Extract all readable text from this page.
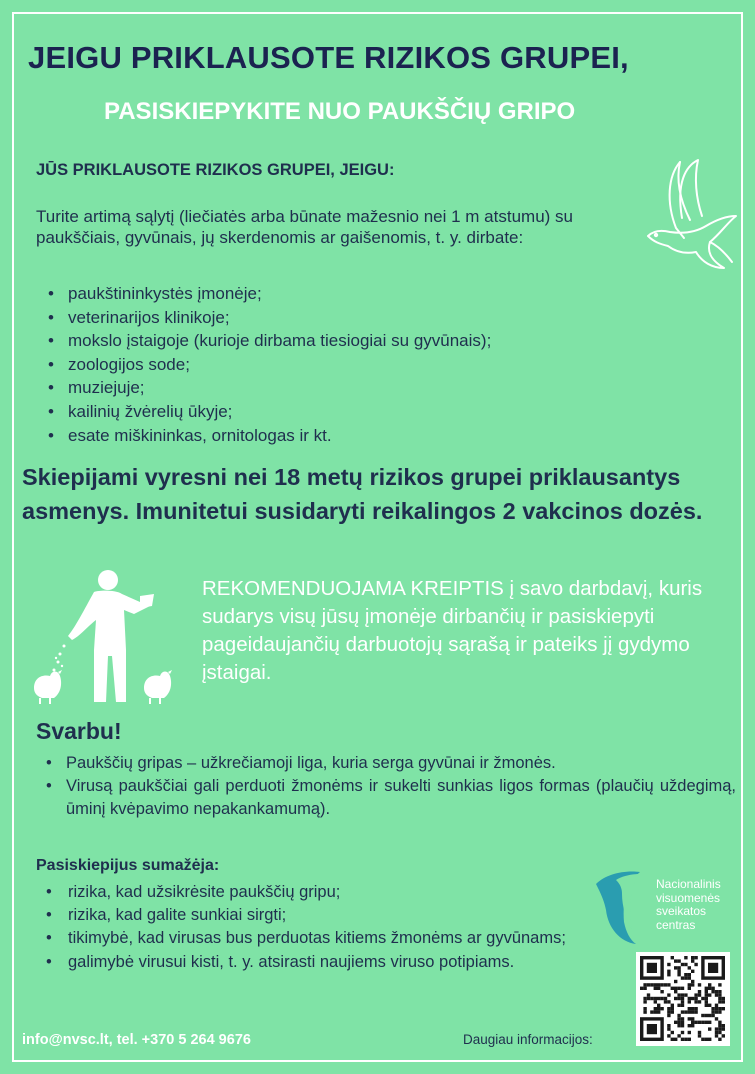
JEIGU PRIKLAUSOTE RIZIKOS GRUPEI,
PASISKIEPYKITE NUO PAUKŠČIŲ GRIPO
JŪS PRIKLAUSOTE RIZIKOS GRUPEI, JEIGU:

Turite artimą sąlytį (liečiatės arba būnate mažesnio nei 1 m atstumu) su paukščiais, gyvūnais, jų skerdenomis ar gaišenomis, t. y. dirbate:

• paukštininkystės įmonėje;
• veterinarijos klinikoje;
• mokslo įstaigoje (kurioje dirbama tiesiogiai su gyvūnais);
• zoologijos sode;
• muziejuje;
• kailinių žvėrelių ūkyje;
• esate miškininkas, ornitologas ir kt.

Skiepijami vyresni nei 18 metų rizikos grupei priklausantys asmenys. Imunitetui susidaryti reikalingos 2 vakcinos dozės.

REKOMENDUOJAMA KREIPTIS į savo darbdavį, kuris sudarys visų jūsų įmonėje dirbančių ir pasiskiepyti pageidaujančių darbuotojų sąrašą ir pateiks jį gydymo įstaigai.

Svarbu!
• Paukščių gripas – užkrečiamoji liga, kuria serga gyvūnai ir žmonės.
• Virusą paukščiai gali perduoti žmonėms ir sukelti sunkias ligos formas (plaučių uždegimą, ūminį kvėpavimo nepakankamumą).
Pasiskiepijus sumažėja:
• rizika, kad užsikrėsite paukščių gripu;
• rizika, kad galite sunkiai sirgti;
• tikimybė, kad virusas bus perduotas kitiems žmonėms ar gyvūnams;
• galimybė virusui kisti, t. y. atsirasti naujiems viruso potipiams.
Nacionalinis
visuomenės
sveikatos
centras

info@nvsc.lt, tel. +370 5 264 9676	Daugiau informacijos:
